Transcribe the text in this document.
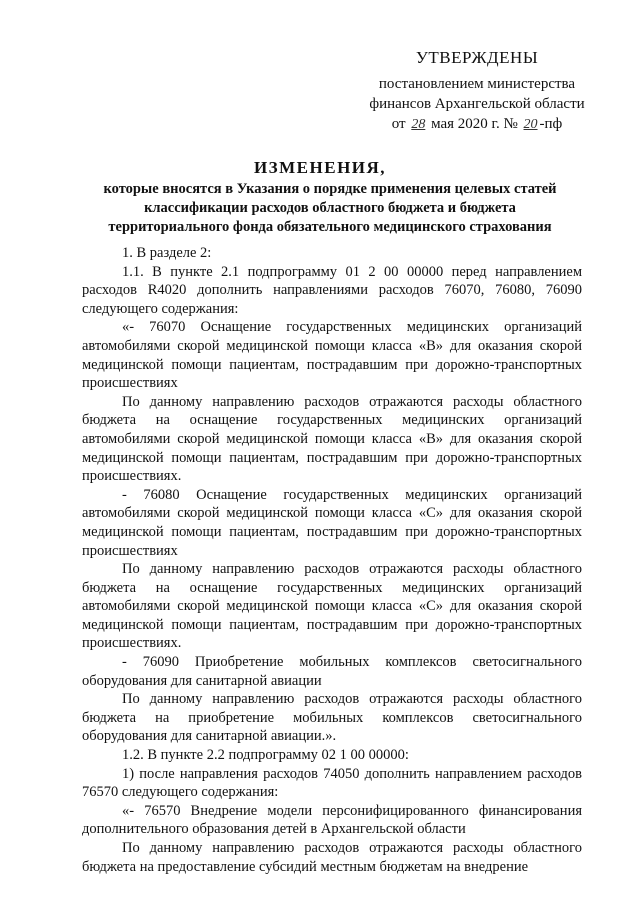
УТВЕРЖДЕНЫ
постановлением министерства
финансов Архангельской области
от 28 мая 2020 г. № 20 -пф
ИЗМЕНЕНИЯ,
которые вносятся в Указания о порядке применения целевых статей классификации расходов областного бюджета и бюджета территориального фонда обязательного медицинского страхования

1. В разделе 2:

1.1. В пункте 2.1 подпрограмму 01 2 00 00000 перед направлением расходов R4020 дополнить направлениями расходов 76070, 76080, 76090 следующего содержания:

«- 76070 Оснащение государственных медицинских организаций автомобилями скорой медицинской помощи класса «В» для оказания скорой медицинской помощи пациентам, пострадавшим при дорожно-транспортных происшествиях

По данному направлению расходов отражаются расходы областного бюджета на оснащение государственных медицинских организаций автомобилями скорой медицинской помощи класса «В» для оказания скорой медицинской помощи пациентам, пострадавшим при дорожно-транспортных происшествиях.

- 76080 Оснащение государственных медицинских организаций автомобилями скорой медицинской помощи класса «С» для оказания скорой медицинской помощи пациентам, пострадавшим при дорожно-транспортных происшествиях

По данному направлению расходов отражаются расходы областного бюджета на оснащение государственных медицинских организаций автомобилями скорой медицинской помощи класса «С» для оказания скорой медицинской помощи пациентам, пострадавшим при дорожно-транспортных происшествиях.

- 76090 Приобретение мобильных комплексов светосигнального оборудования для санитарной авиации

По данному направлению расходов отражаются расходы областного бюджета на приобретение мобильных комплексов светосигнального оборудования для санитарной авиации.».

1.2. В пункте 2.2 подпрограмму 02 1 00 00000:

1) после направления расходов 74050 дополнить направлением расходов 76570 следующего содержания:

«- 76570 Внедрение модели персонифицированного финансирования дополнительного образования детей в Архангельской области

По данному направлению расходов отражаются расходы областного бюджета на предоставление субсидий местным бюджетам на внедрение
